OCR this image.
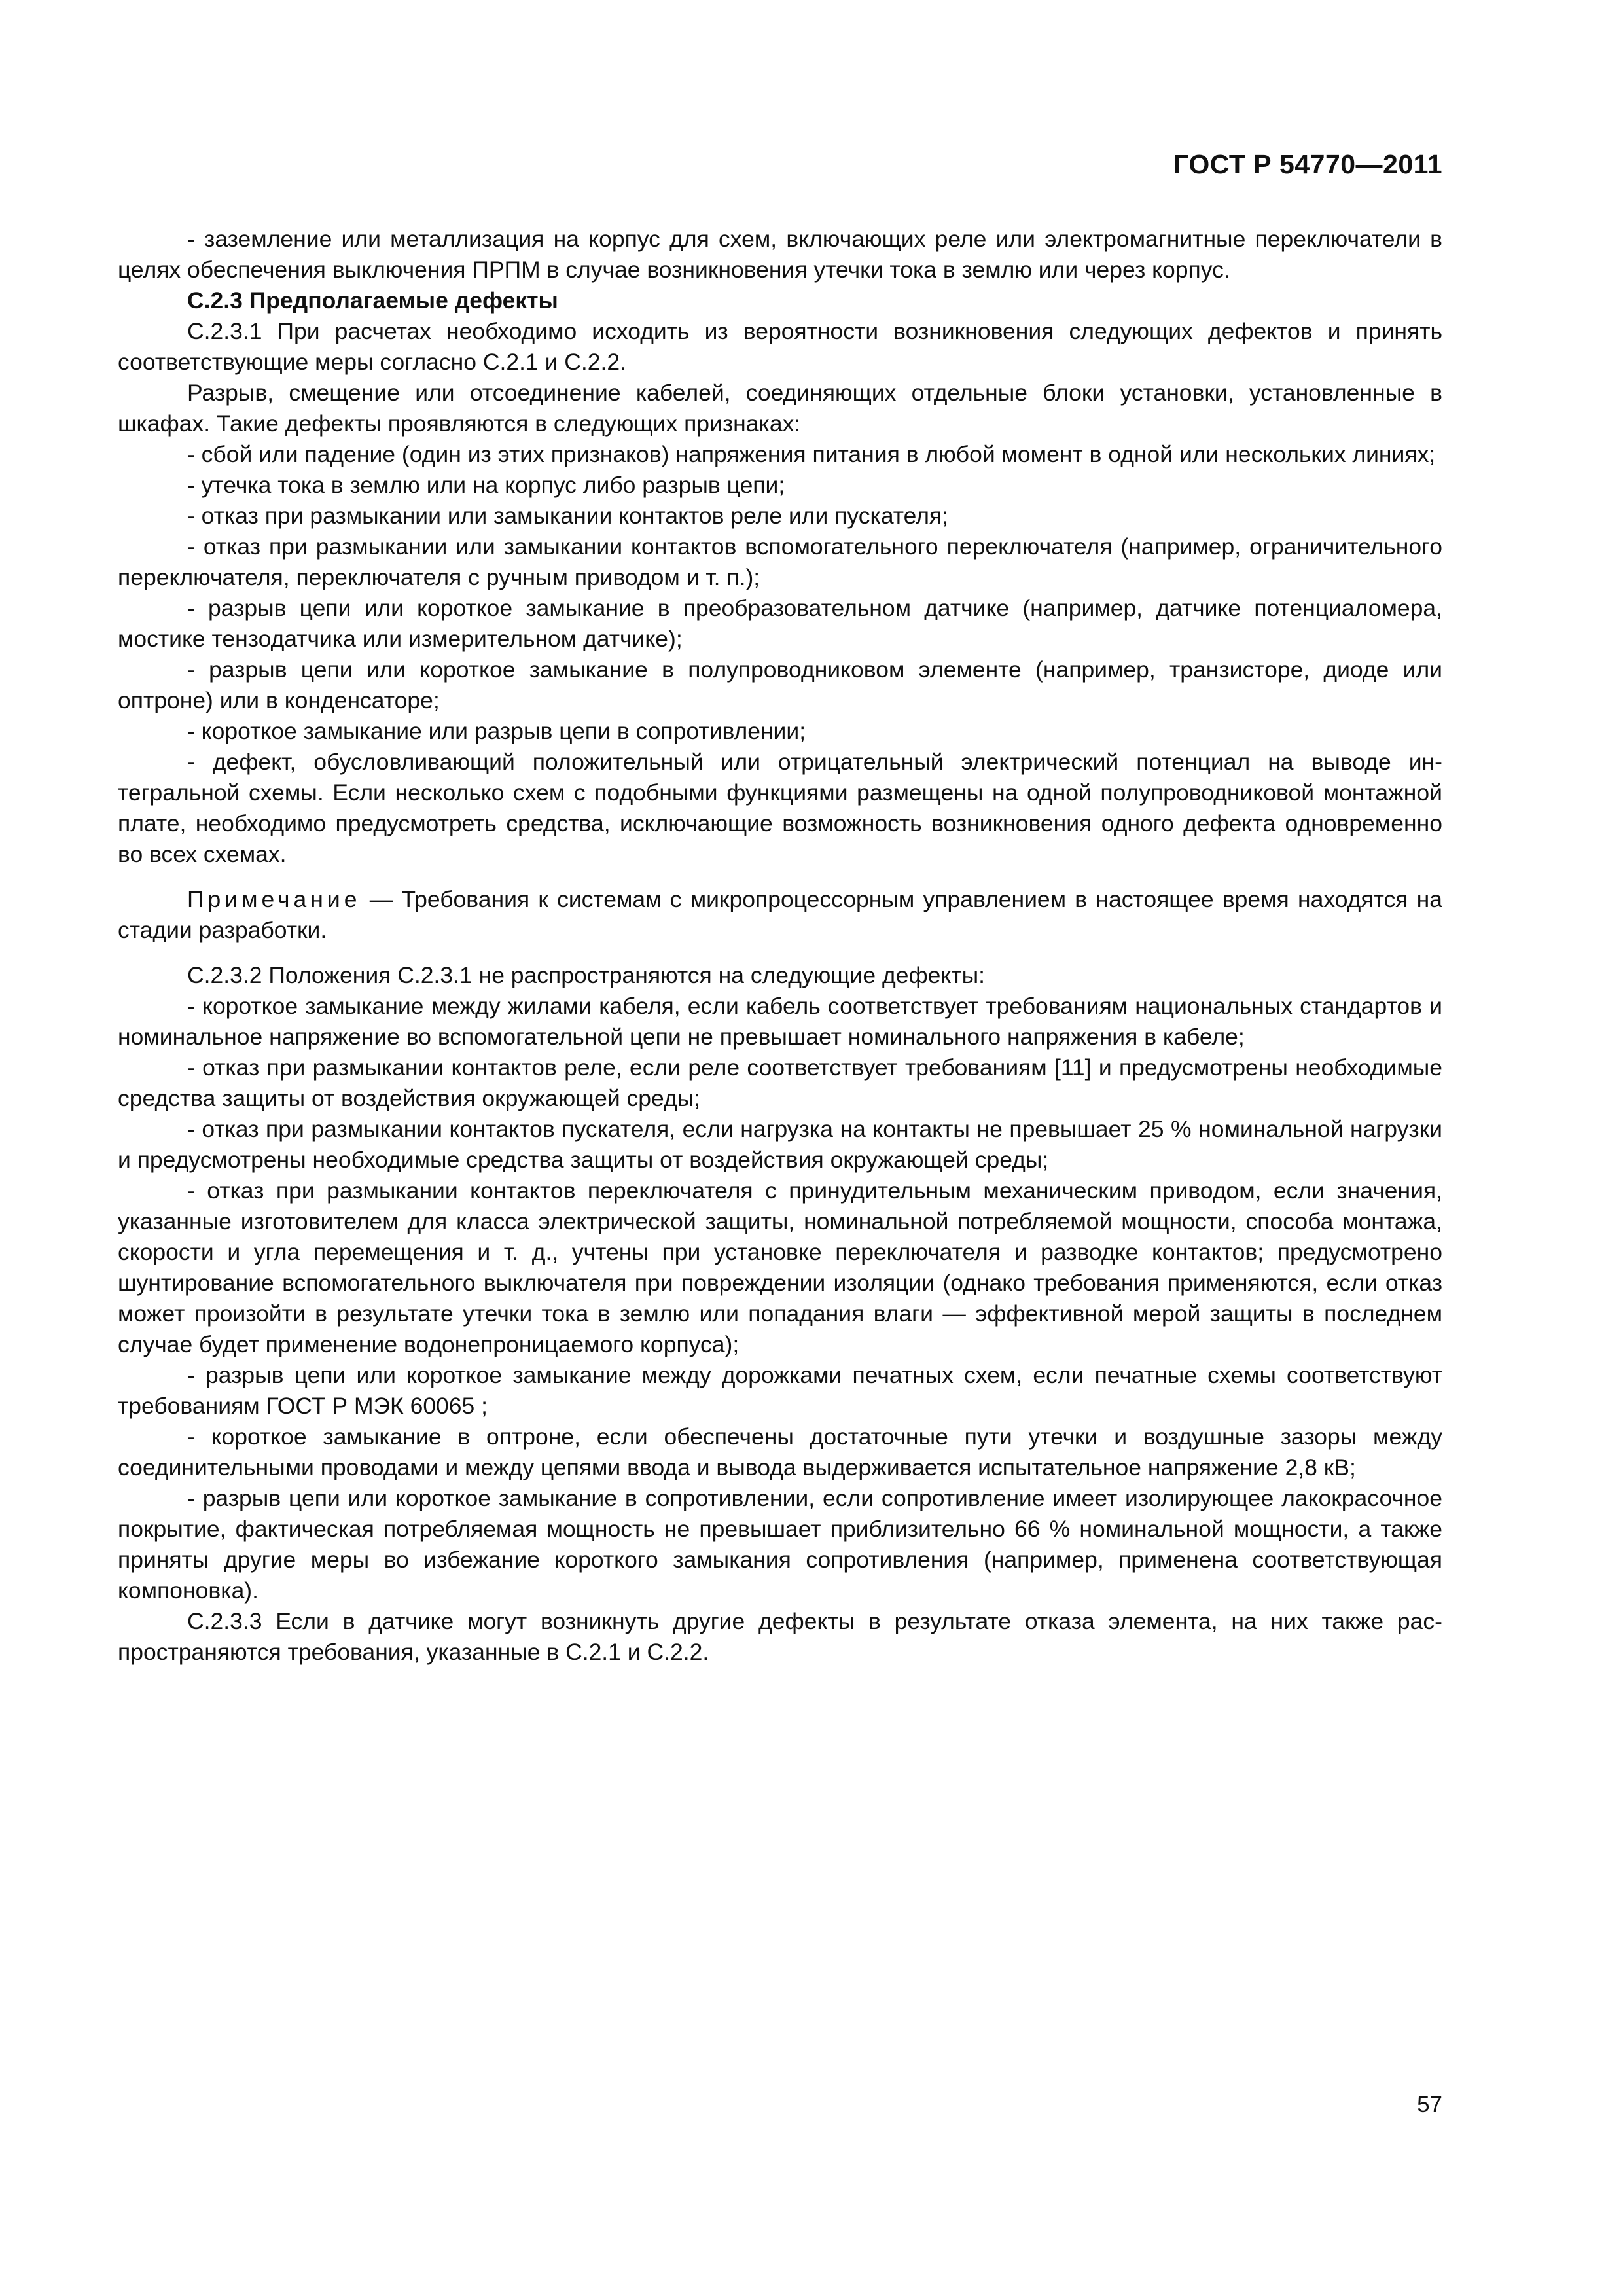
ГОСТ Р 54770—2011

- заземление или металлизация на корпус для схем, включающих реле или электромагнитные переключатели в целях обеспечения выключения ПРПМ в случае возникновения утечки тока в землю или через корпус.

С.2.3 Предполагаемые дефекты

С.2.3.1 При расчетах необходимо исходить из вероятности возникновения следующих дефектов и принять соответствующие меры согласно С.2.1 и С.2.2.

Разрыв, смещение или отсоединение кабелей, соединяющих отдельные блоки установки, установленные в шкафах. Такие дефекты проявляются в следующих признаках:

- сбой или падение (один из этих признаков) напряжения питания в любой момент в одной или нескольких линиях;

- утечка тока в землю или на корпус либо разрыв цепи;

- отказ при размыкании или замыкании контактов реле или пускателя;

- отказ при размыкании или замыкании контактов вспомогательного переключателя (например, ограничительного переключателя, переключателя с ручным приводом и т. п.);

- разрыв цепи или короткое замыкание в преобразовательном датчике (например, датчике потенциаломера, мостике тензодатчика или измерительном датчике);

- разрыв цепи или короткое замыкание в полупроводниковом элементе (например, транзисторе, диоде или оптроне) или в конденсаторе;

- короткое замыкание или разрыв цепи в сопротивлении;

- дефект, обусловливающий положительный или отрицательный электрический потенциал на выводе интегральной схемы. Если несколько схем с подобными функциями размещены на одной полупроводниковой монтажной плате, необходимо предусмотреть средства, исключающие возможность возникновения одного дефекта одновременно во всех схемах.

Примечание — Требования к системам с микропроцессорным управлением в настоящее время находятся на стадии разработки.

С.2.3.2 Положения С.2.3.1 не распространяются на следующие дефекты:

- короткое замыкание между жилами кабеля, если кабель соответствует требованиям национальных стандартов и номинальное напряжение во вспомогательной цепи не превышает номинального напряжения в кабеле;

- отказ при размыкании контактов реле, если реле соответствует требованиям [11] и предусмотрены необходимые средства защиты от воздействия окружающей среды;

- отказ при размыкании контактов пускателя, если нагрузка на контакты не превышает 25 % номинальной нагрузки и предусмотрены необходимые средства защиты от воздействия окружающей среды;

- отказ при размыкании контактов переключателя с принудительным механическим приводом, если значения, указанные изготовителем для класса электрической защиты, номинальной потребляемой мощности, способа монтажа, скорости и угла перемещения и т. д., учтены при установке переключателя и разводке контактов; предусмотрено шунтирование вспомогательного выключателя при повреждении изоляции (однако требования применяются, если отказ может произойти в результате утечки тока в землю или попадания влаги — эффективной мерой защиты в последнем случае будет применение водонепроницаемого корпуса);

- разрыв цепи или короткое замыкание между дорожками печатных схем, если печатные схемы соответствуют требованиям ГОСТ Р МЭК 60065 ;

- короткое замыкание в оптроне, если обеспечены достаточные пути утечки и воздушные зазоры между соединительными проводами и между цепями ввода и вывода выдерживается испытательное напряжение 2,8 кВ;

- разрыв цепи или короткое замыкание в сопротивлении, если сопротивление имеет изолирующее лакокрасочное покрытие, фактическая потребляемая мощность не превышает приблизительно 66 % номинальной мощности, а также приняты другие меры во избежание короткого замыкания сопротивления (например, применена соответствующая компоновка).

С.2.3.3 Если в датчике могут возникнуть другие дефекты в результате отказа элемента, на них также распространяются требования, указанные в С.2.1 и С.2.2.

57
